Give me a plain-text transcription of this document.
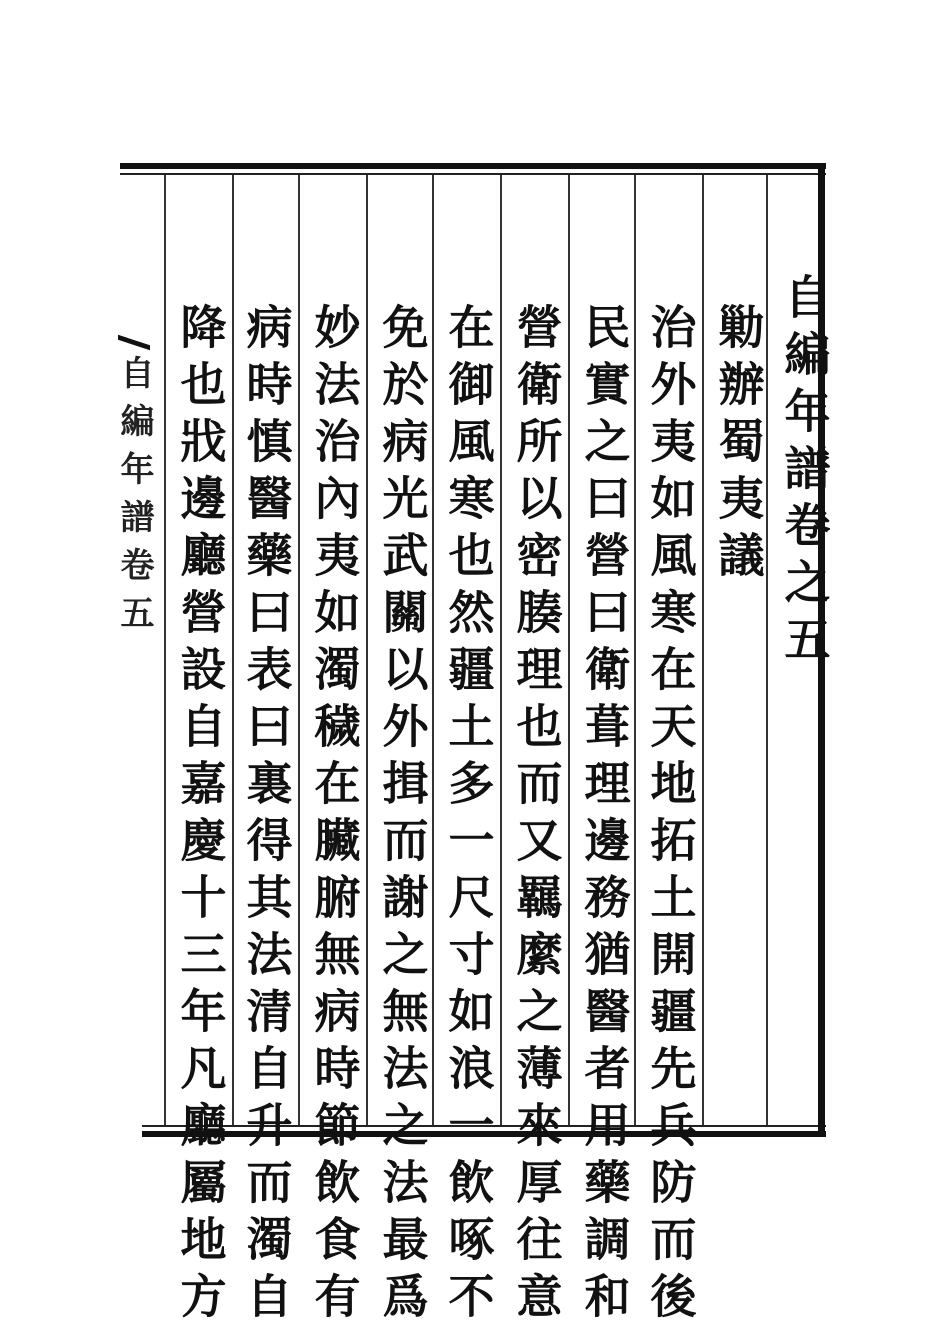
自編年譜卷之五
勦辦蜀夷議
治外夷如風寒在天地拓土開疆先兵防而後
民實之曰營曰衛葺理邊務猶醫者用藥調和
營衛所以密腠理也而又羈縻之薄來厚往意
在御風寒也然疆土多一尺寸如浪一飲啄不
免於病光武關以外揖而謝之無法之法最爲
妙法治內夷如濁穢在臟腑無病時節飲食有
病時慎醫藥曰表曰裏得其法清自升而濁自
降也戕邊廳營設自嘉慶十三年凡廳屬地方
自編年譜卷五
